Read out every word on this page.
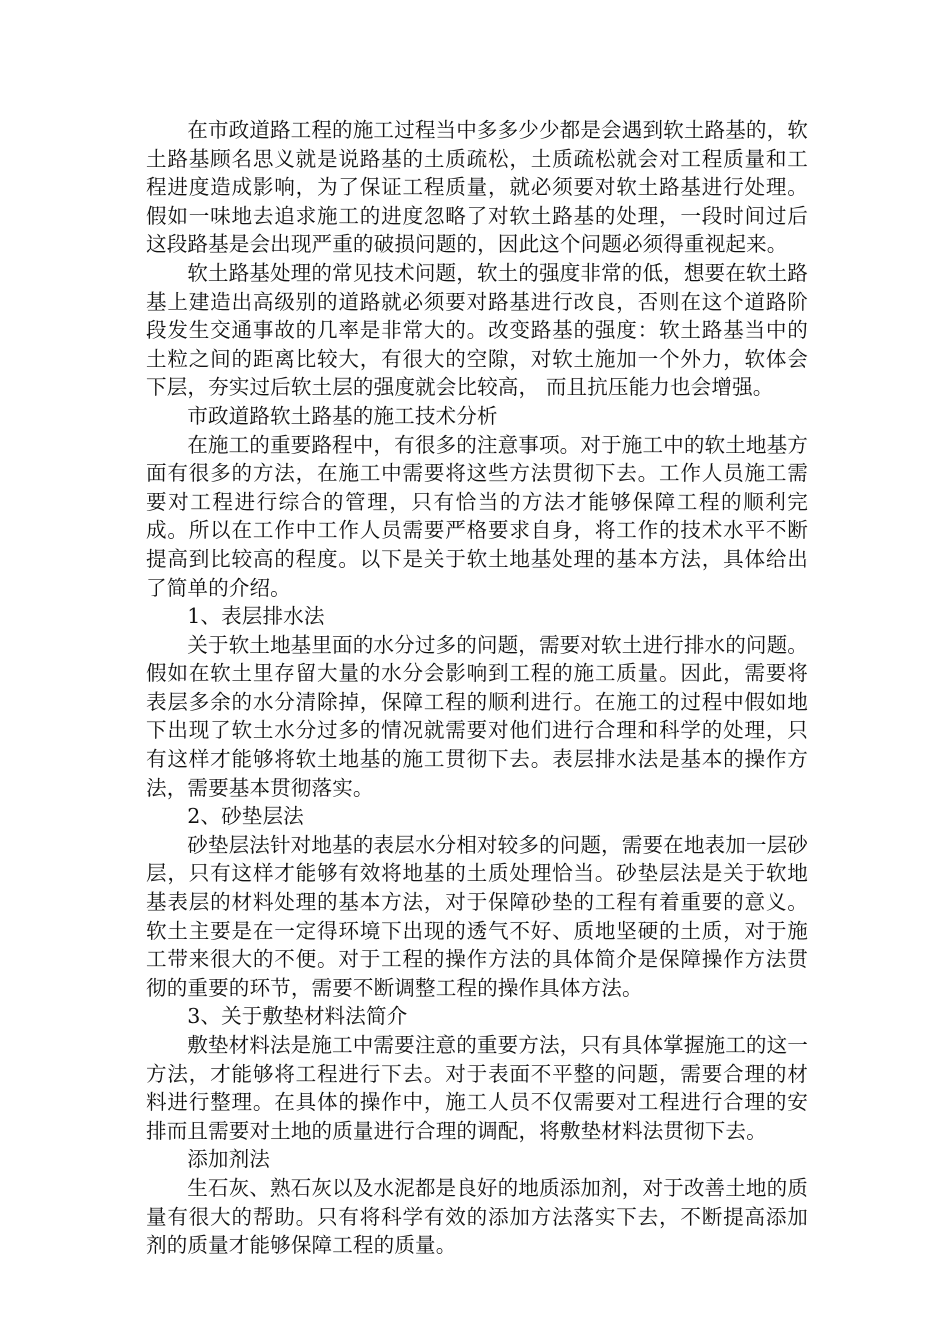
在市政道路工程的施工过程当中多多少少都是会遇到软土路基的，软土路基顾名思义就是说路基的土质疏松，土质疏松就会对工程质量和工程进度造成影响，为了保证工程质量，就必须要对软土路基进行处理。假如一味地去追求施工的进度忽略了对软土路基的处理，一段时间过后这段路基是会出现严重的破损问题的，因此这个问题必须得重视起来。

软土路基处理的常见技术问题，软土的强度非常的低，想要在软土路基上建造出高级别的道路就必须要对路基进行改良，否则在这个道路阶段发生交通事故的几率是非常大的。改变路基的强度：软土路基当中的土粒之间的距离比较大，有很大的空隙，对软土施加一个外力，软体会下层，夯实过后软土层的强度就会比较高， 而且抗压能力也会增强。

市政道路软土路基的施工技术分析

在施工的重要路程中，有很多的注意事项。对于施工中的软土地基方面有很多的方法，在施工中需要将这些方法贯彻下去。工作人员施工需要对工程进行综合的管理，只有恰当的方法才能够保障工程的顺利完成。所以在工作中工作人员需要严格要求自身，将工作的技术水平不断提高到比较高的程度。以下是关于软土地基处理的基本方法，具体给出了简单的介绍。

1、表层排水法

关于软土地基里面的水分过多的问题，需要对软土进行排水的问题。假如在软土里存留大量的水分会影响到工程的施工质量。因此，需要将表层多余的水分清除掉，保障工程的顺利进行。在施工的过程中假如地下出现了软土水分过多的情况就需要对他们进行合理和科学的处理，只有这样才能够将软土地基的施工贯彻下去。表层排水法是基本的操作方法，需要基本贯彻落实。

2、砂垫层法

砂垫层法针对地基的表层水分相对较多的问题，需要在地表加一层砂层，只有这样才能够有效将地基的土质处理恰当。砂垫层法是关于软地基表层的材料处理的基本方法，对于保障砂垫的工程有着重要的意义。软土主要是在一定得环境下出现的透气不好、质地坚硬的土质，对于施工带来很大的不便。对于工程的操作方法的具体简介是保障操作方法贯彻的重要的环节，需要不断调整工程的操作具体方法。

3、关于敷垫材料法简介

敷垫材料法是施工中需要注意的重要方法，只有具体掌握施工的这一方法，才能够将工程进行下去。对于表面不平整的问题，需要合理的材料进行整理。在具体的操作中，施工人员不仅需要对工程进行合理的安排而且需要对土地的质量进行合理的调配，将敷垫材料法贯彻下去。

添加剂法

生石灰、熟石灰以及水泥都是良好的地质添加剂，对于改善土地的质量有很大的帮助。只有将科学有效的添加方法落实下去，不断提高添加剂的质量才能够保障工程的质量。
